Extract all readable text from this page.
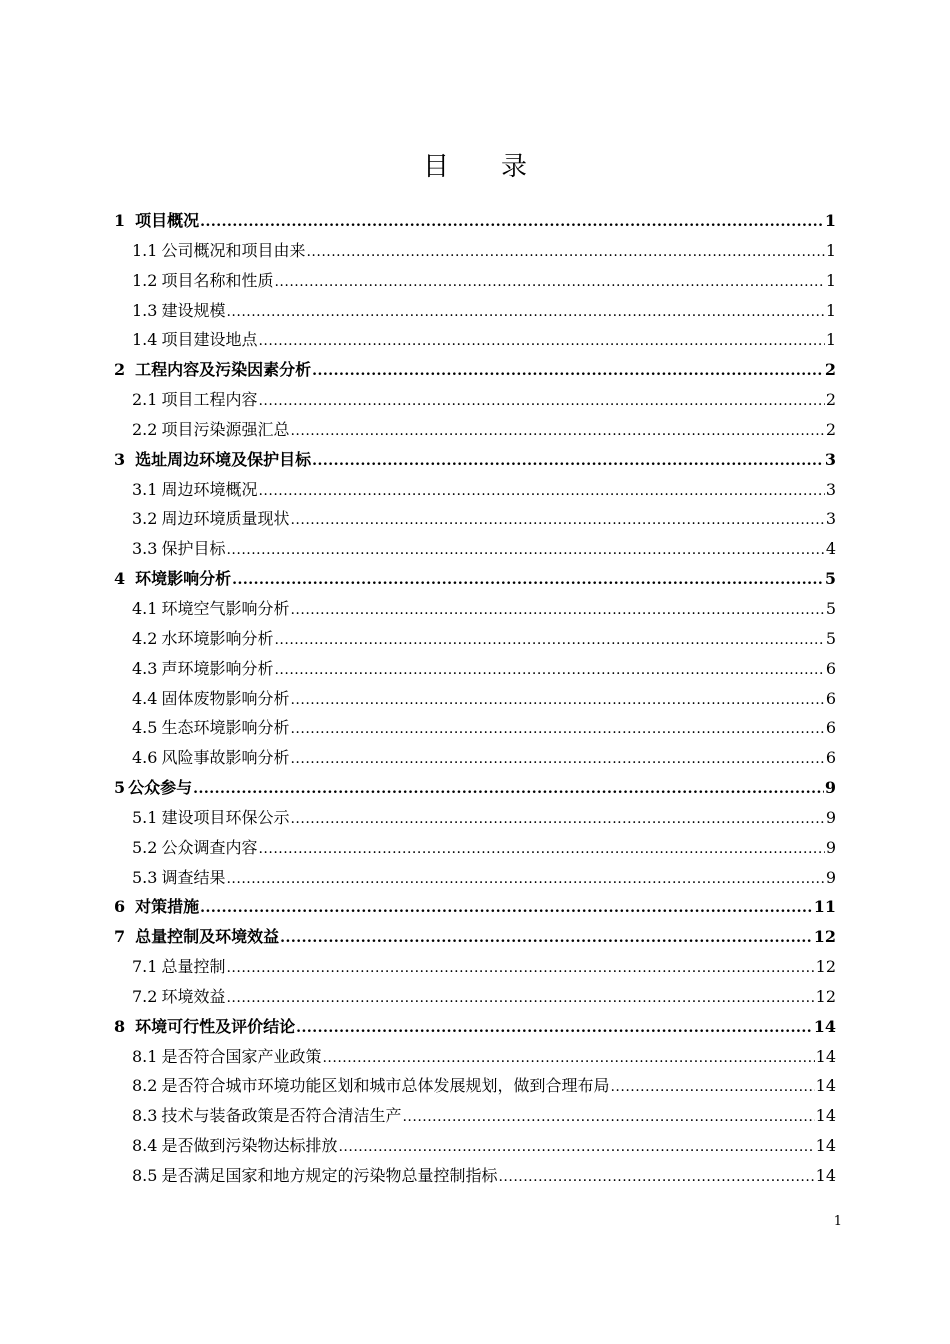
目 录
1 项目概况 .....	1
1.1 公司概况和项目由来 .....	1
1.2 项目名称和性质 .....	1
1.3 建设规模 .....	1
1.4 项目建设地点 .....	1
2 工程内容及污染因素分析 .....	2
2.1 项目工程内容 .....	2
2.2 项目污染源强汇总 .....	2
3 选址周边环境及保护目标 .....	3
3.1 周边环境概况 .....	3
3.2 周边环境质量现状 .....	3
3.3 保护目标 .....	4
4 环境影响分析 .....	5
4.1 环境空气影响分析 .....	5
4.2 水环境影响分析 .....	5
4.3 声环境影响分析 .....	6
4.4 固体废物影响分析 .....	6
4.5 生态环境影响分析 .....	6
4.6 风险事故影响分析 .....	6
5 公众参与 .....	9
5.1 建设项目环保公示 .....	9
5.2 公众调查内容 .....	9
5.3 调查结果 .....	9
6 对策措施 .....	11
7 总量控制及环境效益 .....	12
7.1 总量控制 .....	12
7.2 环境效益 .....	12
8 环境可行性及评价结论 .....	14
8.1 是否符合国家产业政策 .....	14
8.2 是否符合城市环境功能区划和城市总体发展规划，做到合理布局 .....	14
8.3 技术与装备政策是否符合清洁生产 .....	14
8.4 是否做到污染物达标排放 .....	14
8.5 是否满足国家和地方规定的污染物总量控制指标 .....	14
1
